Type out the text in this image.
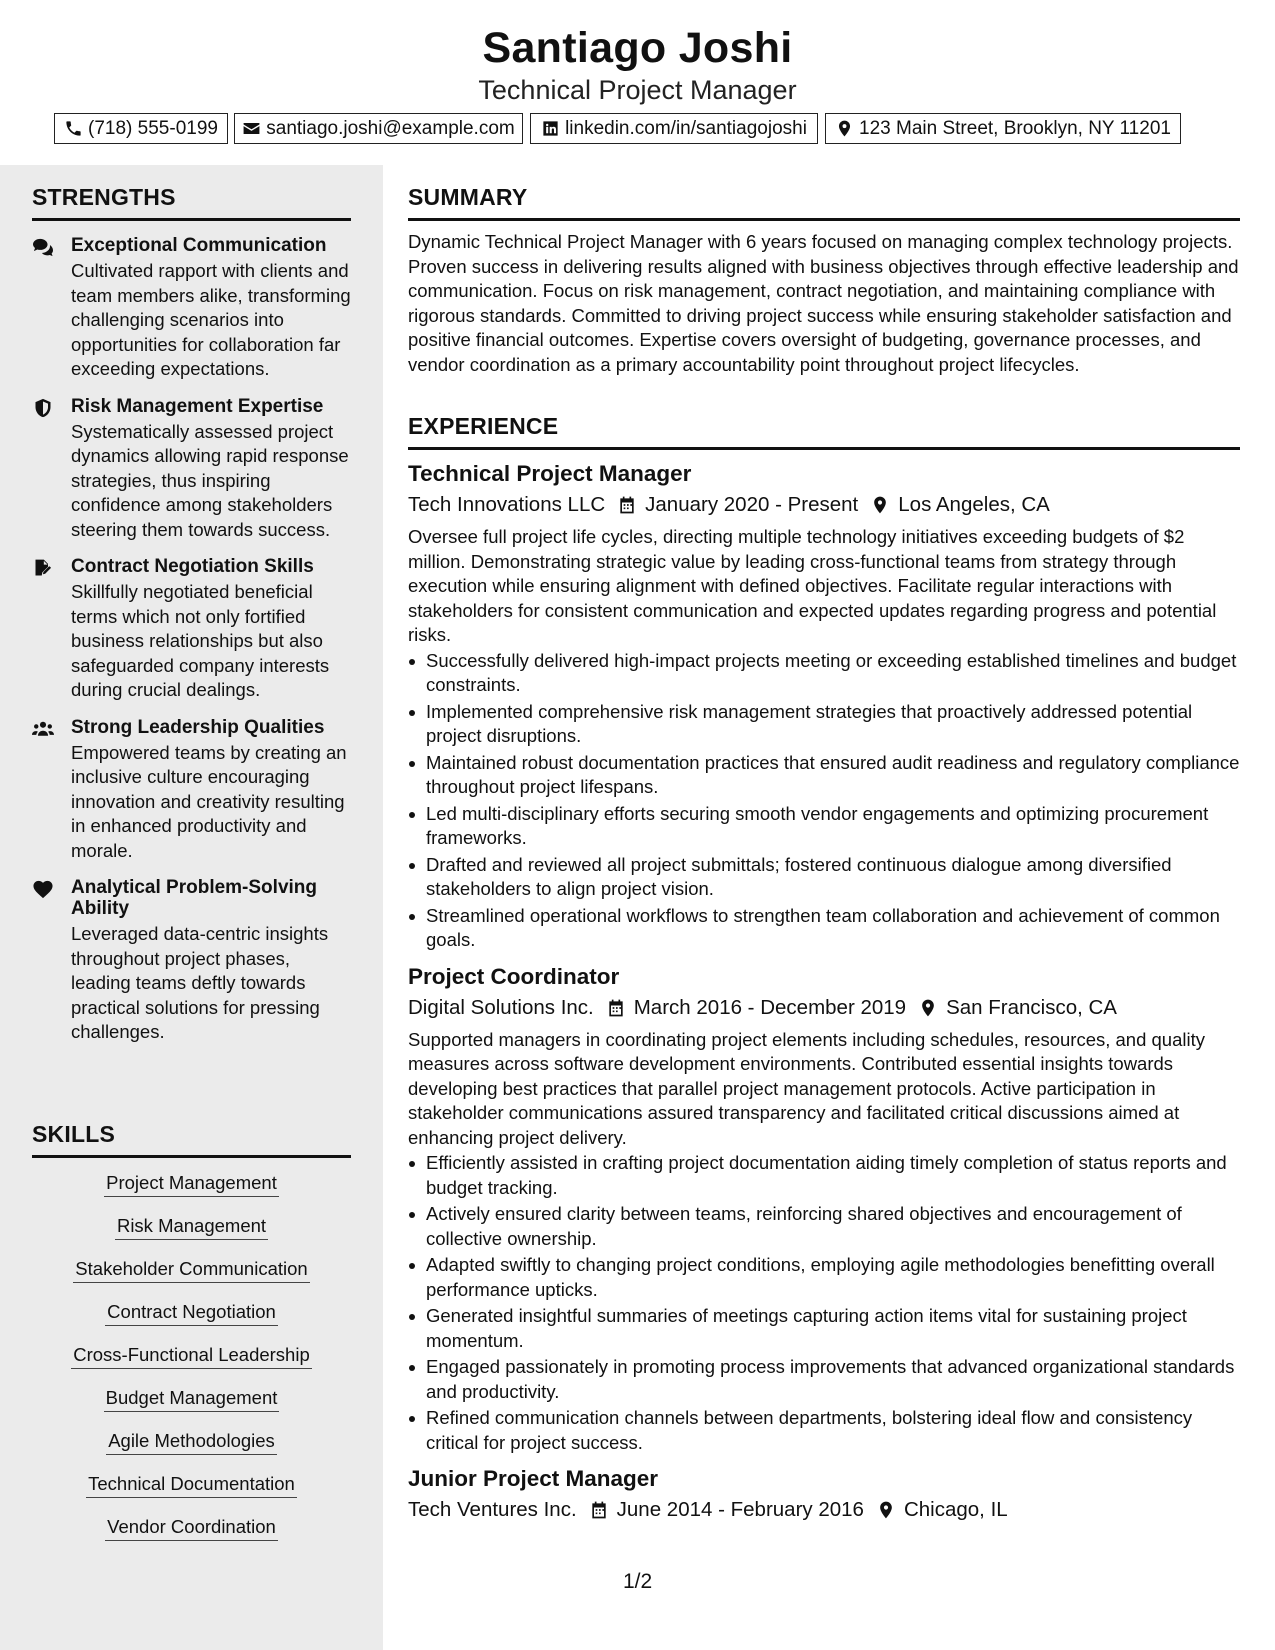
Santiago Joshi
Technical Project Manager
(718) 555-0199	santiago.joshi@example.com	linkedin.com/in/santiagojoshi	123 Main Street, Brooklyn, NY 11201
STRENGTHS
Exceptional Communication
Cultivated rapport with clients and team members alike, transforming challenging scenarios into opportunities for collaboration far exceeding expectations.
Risk Management Expertise
Systematically assessed project dynamics allowing rapid response strategies, thus inspiring confidence among stakeholders steering them towards success.
Contract Negotiation Skills
Skillfully negotiated beneficial terms which not only fortified business relationships but also safeguarded company interests during crucial dealings.
Strong Leadership Qualities
Empowered teams by creating an inclusive culture encouraging innovation and creativity resulting in enhanced productivity and morale.
Analytical Problem-Solving Ability
Leveraged data-centric insights throughout project phases, leading teams deftly towards practical solutions for pressing challenges.
SKILLS
Project Management
Risk Management
Stakeholder Communication
Contract Negotiation
Cross-Functional Leadership
Budget Management
Agile Methodologies
Technical Documentation
Vendor Coordination
SUMMARY
Dynamic Technical Project Manager with 6 years focused on managing complex technology projects. Proven success in delivering results aligned with business objectives through effective leadership and communication. Focus on risk management, contract negotiation, and maintaining compliance with rigorous standards. Committed to driving project success while ensuring stakeholder satisfaction and positive financial outcomes. Expertise covers oversight of budgeting, governance processes, and vendor coordination as a primary accountability point throughout project lifecycles.
EXPERIENCE
Technical Project Manager
Tech Innovations LLC January 2020 - Present Los Angeles, CA
Oversee full project life cycles, directing multiple technology initiatives exceeding budgets of $2 million. Demonstrating strategic value by leading cross-functional teams from strategy through execution while ensuring alignment with defined objectives. Facilitate regular interactions with stakeholders for consistent communication and expected updates regarding progress and potential risks.
Successfully delivered high-impact projects meeting or exceeding established timelines and budget constraints.
Implemented comprehensive risk management strategies that proactively addressed potential project disruptions.
Maintained robust documentation practices that ensured audit readiness and regulatory compliance throughout project lifespans.
Led multi-disciplinary efforts securing smooth vendor engagements and optimizing procurement frameworks.
Drafted and reviewed all project submittals; fostered continuous dialogue among diversified stakeholders to align project vision.
Streamlined operational workflows to strengthen team collaboration and achievement of common goals.
Project Coordinator
Digital Solutions Inc. March 2016 - December 2019 San Francisco, CA
Supported managers in coordinating project elements including schedules, resources, and quality measures across software development environments. Contributed essential insights towards developing best practices that parallel project management protocols. Active participation in stakeholder communications assured transparency and facilitated critical discussions aimed at enhancing project delivery.
Efficiently assisted in crafting project documentation aiding timely completion of status reports and budget tracking.
Actively ensured clarity between teams, reinforcing shared objectives and encouragement of collective ownership.
Adapted swiftly to changing project conditions, employing agile methodologies benefitting overall performance upticks.
Generated insightful summaries of meetings capturing action items vital for sustaining project momentum.
Engaged passionately in promoting process improvements that advanced organizational standards and productivity.
Refined communication channels between departments, bolstering ideal flow and consistency critical for project success.
Junior Project Manager
Tech Ventures Inc. June 2014 - February 2016 Chicago, IL
1/2
